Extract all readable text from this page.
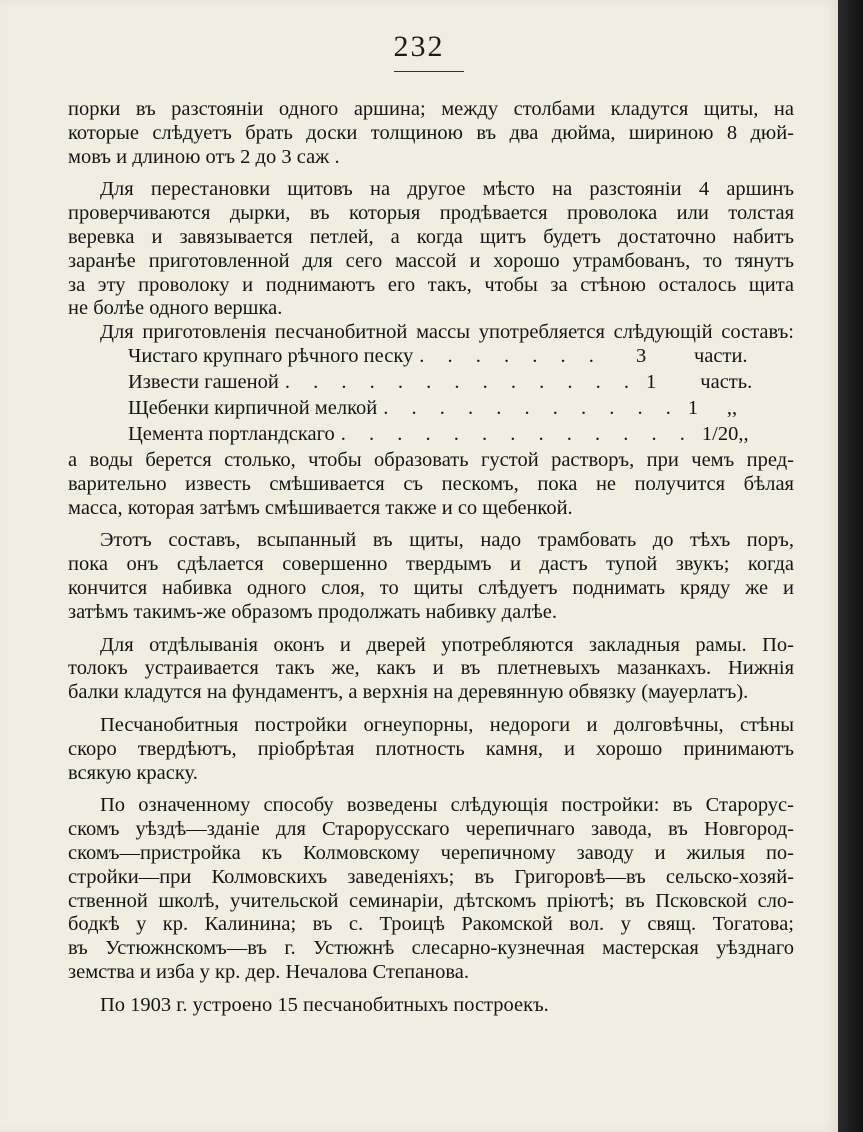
232
порки въ разстояніи одного аршина; между столбами кладутся щиты, на
которые слѣдуетъ брать доски толщиною въ два дюйма, шириною 8 дюй-
мовъ и длиною отъ 2 до 3 саж .
Для перестановки щитовъ на другое мѣсто на разстояніи 4 аршинъ
проверчиваются дырки, въ которыя продѣвается проволока или толстая
веревка и завязывается петлей, а когда щитъ будетъ достаточно набитъ
заранѣе приготовленной для сего массой и хорошо утрамбованъ, то тянутъ
за эту проволоку и поднимаютъ его такъ, чтобы за стѣною осталось щита
не болѣе одного вершка.
Для приготовленія песчанобитной массы употребляется слѣдующій составъ:
Чистаго крупнаго рѣчного песку . . . . . . .	3	части.
Извести гашеной . . . . . . . . . . . . . 1	часть.
Щебенки кирпичной мелкой . . . . . . . . . . . 1	,,
Цемента портландскаго . . . . . . . . . . . . . 1/20 ,,
а воды берется столько, чтобы образовать густой растворъ, при чемъ пред-
варительно известь смѣшивается съ пескомъ, пока не получится бѣлая
масса, которая затѣмъ смѣшивается также и со щебенкой.
Этотъ составъ, всыпанный въ щиты, надо трамбовать до тѣхъ поръ,
пока онъ сдѣлается совершенно твердымъ и дастъ тупой звукъ; когда
кончится набивка одного слоя, то щиты слѣдуетъ поднимать кряду же и
затѣмъ такимъ-же образомъ продолжать набивку далѣе.
Для отдѣлыванія оконъ и дверей употребляются закладныя рамы. По-
толокъ устраивается такъ же, какъ и въ плетневыхъ мазанкахъ. Нижнія
балки кладутся на фундаментъ, а верхнія на деревянную обвязку (мауерлатъ).
Песчанобитныя постройки огнеупорны, недороги и долговѣчны, стѣны
скоро твердѣютъ, пріобрѣтая плотность камня, и хорошо принимаютъ
всякую краску.
По означенному способу возведены слѣдующія постройки: въ Старорус-
скомъ уѣздѣ—зданіе для Старорусскаго черепичнаго завода, въ Новгород-
скомъ—пристройка къ Колмовскому черепичному заводу и жилыя по-
стройки—при Колмовскихъ заведеніяхъ; въ Григоровѣ—въ сельско-хозяй-
ственной школѣ, учительской семинаріи, дѣтскомъ пріютѣ; въ Псковской сло-
бодкѣ у кр. Калинина; въ с. Троицѣ Ракомской вол. у свящ. Тогатова;
въ Устюжнскомъ—въ г. Устюжнѣ слесарно-кузнечная мастерская уѣзднаго
земства и изба у кр. дер. Нечалова Степанова.
По 1903 г. устроено 15 песчанобитныхъ построекъ.
